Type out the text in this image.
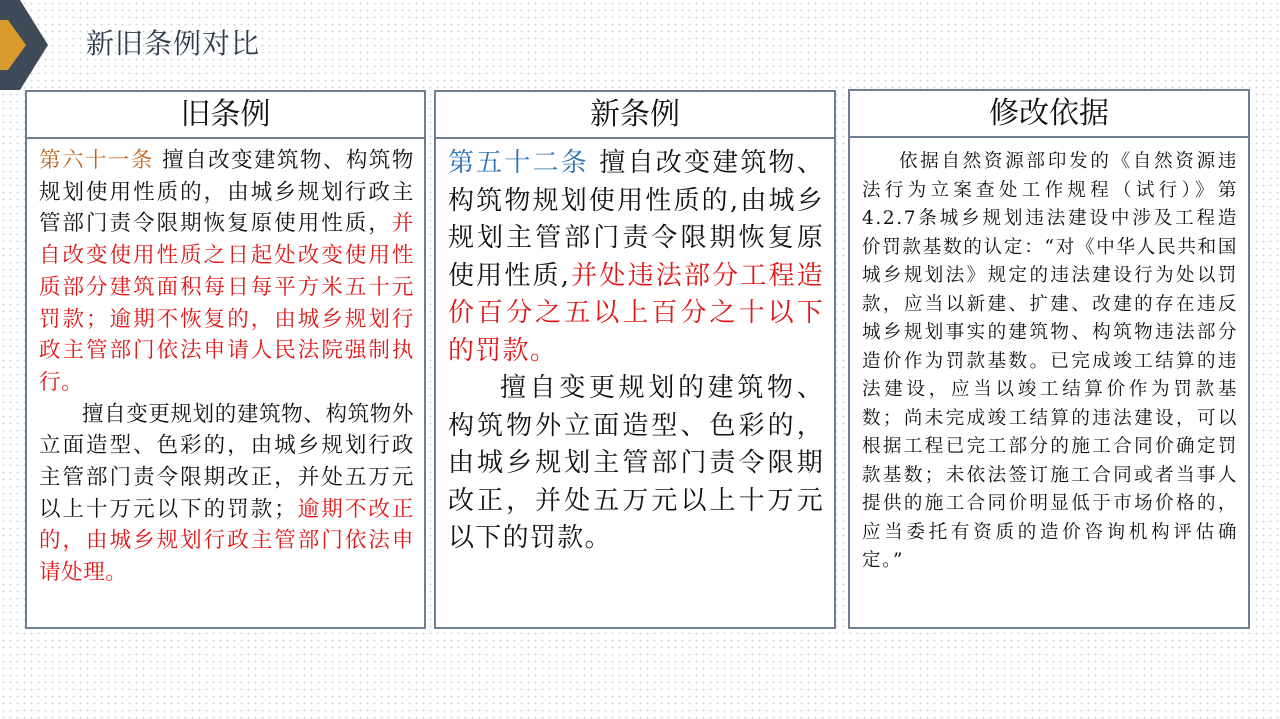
新旧条例对比
旧条例

第六十一条 擅自改变建筑物、构筑物规划使用性质的，由城乡规划行政主管部门责令限期恢复原使用性质，并自改变使用性质之日起处改变使用性质部分建筑面积每日每平方米五十元罚款；逾期不恢复的，由城乡规划行政主管部门依法申请人民法院强制执行。

擅自变更规划的建筑物、构筑物外立面造型、色彩的，由城乡规划行政主管部门责令限期改正，并处五万元以上十万元以下的罚款；逾期不改正的，由城乡规划行政主管部门依法申请处理。

新条例

第五十二条 擅自改变建筑物、构筑物规划使用性质的,由城乡规划主管部门责令限期恢复原使用性质,并处违法部分工程造价百分之五以上百分之十以下的罚款。

擅自变更规划的建筑物、构筑物外立面造型、色彩的，由城乡规划主管部门责令限期改正，并处五万元以上十万元以下的罚款。

修改依据

依据自然资源部印发的《自然资源违法行为立案查处工作规程（试行）》第4.2.7条城乡规划违法建设中涉及工程造价罚款基数的认定：“对《中华人民共和国城乡规划法》规定的违法建设行为处以罚款，应当以新建、扩建、改建的存在违反城乡规划事实的建筑物、构筑物违法部分造价作为罚款基数。已完成竣工结算的违法建设，应当以竣工结算价作为罚款基数；尚未完成竣工结算的违法建设，可以根据工程已完工部分的施工合同价确定罚款基数；未依法签订施工合同或者当事人提供的施工合同价明显低于市场价格的，应当委托有资质的造价咨询机构评估确定。”
